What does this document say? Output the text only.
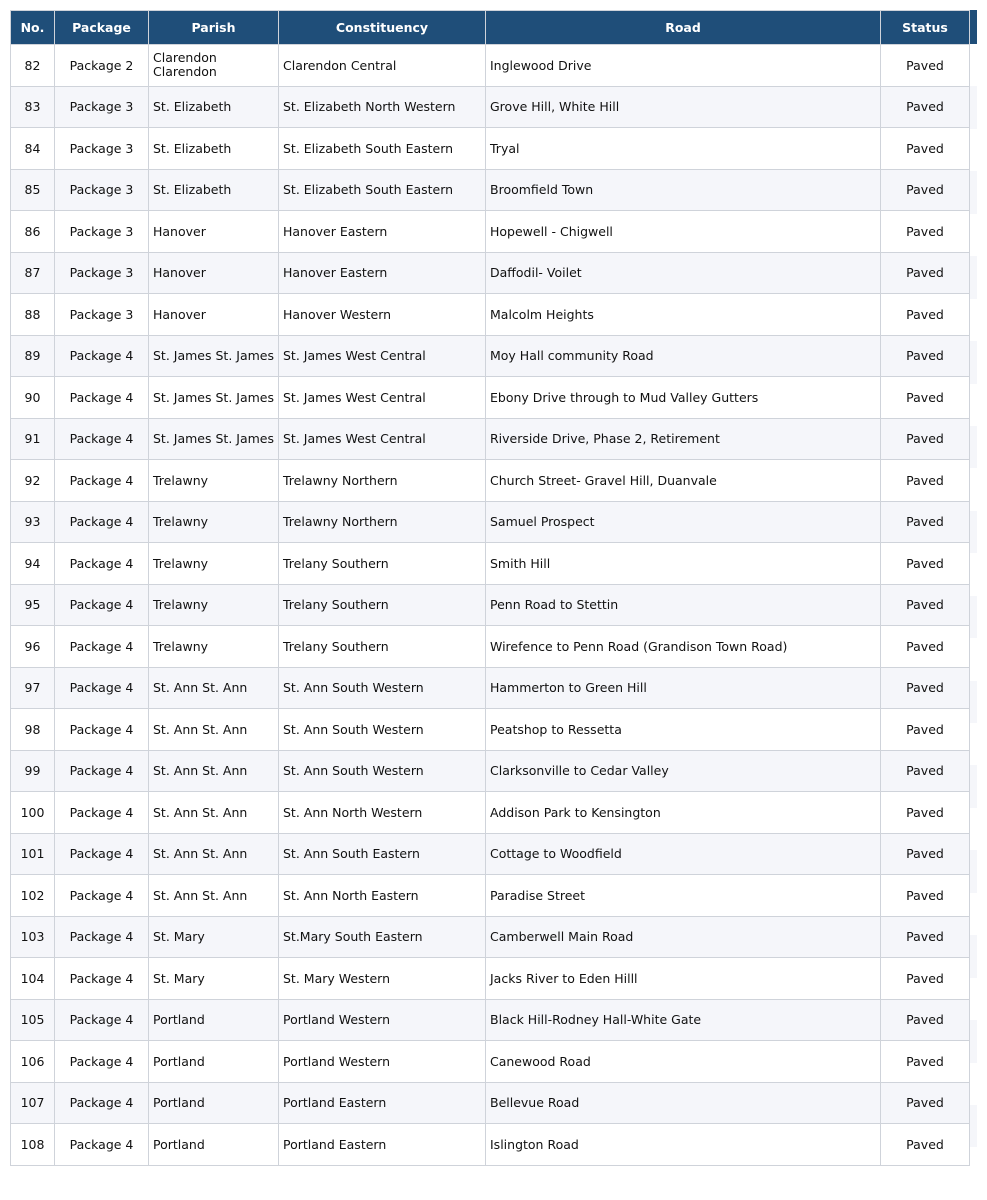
No.	Package	Parish	Constituency	Road	Status
82	Package 2	Clarendon Clarendon	Clarendon Central	Inglewood Drive	Paved
83	Package 3	St. Elizabeth	St. Elizabeth North Western	Grove Hill, White Hill	Paved
84	Package 3	St. Elizabeth	St. Elizabeth South Eastern	Tryal	Paved
85	Package 3	St. Elizabeth	St. Elizabeth South Eastern	Broomfield Town	Paved
86	Package 3	Hanover	Hanover Eastern	Hopewell - Chigwell	Paved
87	Package 3	Hanover	Hanover Eastern	Daffodil- Voilet	Paved
88	Package 3	Hanover	Hanover Western	Malcolm Heights	Paved
89	Package 4	St. James St. James	St. James West Central	Moy Hall community Road	Paved
90	Package 4	St. James St. James	St. James West Central	Ebony Drive through to Mud Valley Gutters	Paved
91	Package 4	St. James St. James	St. James West Central	Riverside Drive, Phase 2, Retirement	Paved
92	Package 4	Trelawny	Trelawny Northern	Church Street- Gravel Hill, Duanvale	Paved
93	Package 4	Trelawny	Trelawny Northern	Samuel Prospect	Paved
94	Package 4	Trelawny	Trelany Southern	Smith Hill	Paved
95	Package 4	Trelawny	Trelany Southern	Penn Road to Stettin	Paved
96	Package 4	Trelawny	Trelany Southern	Wirefence to Penn Road (Grandison Town Road)	Paved
97	Package 4	St. Ann St. Ann	St. Ann South Western	Hammerton to Green Hill	Paved
98	Package 4	St. Ann St. Ann	St. Ann South Western	Peatshop to Ressetta	Paved
99	Package 4	St. Ann St. Ann	St. Ann South Western	Clarksonville to Cedar Valley	Paved
100	Package 4	St. Ann St. Ann	St. Ann North Western	Addison Park to Kensington	Paved
101	Package 4	St. Ann St. Ann	St. Ann South Eastern	Cottage to Woodfield	Paved
102	Package 4	St. Ann St. Ann	St. Ann North Eastern	Paradise Street	Paved
103	Package 4	St. Mary	St.Mary South Eastern	Camberwell Main Road	Paved
104	Package 4	St. Mary	St. Mary Western	Jacks River to Eden Hilll	Paved
105	Package 4	Portland	Portland Western	Black Hill-Rodney Hall-White Gate	Paved
106	Package 4	Portland	Portland Western	Canewood Road	Paved
107	Package 4	Portland	Portland Eastern	Bellevue Road	Paved
108	Package 4	Portland	Portland Eastern	Islington Road	Paved
